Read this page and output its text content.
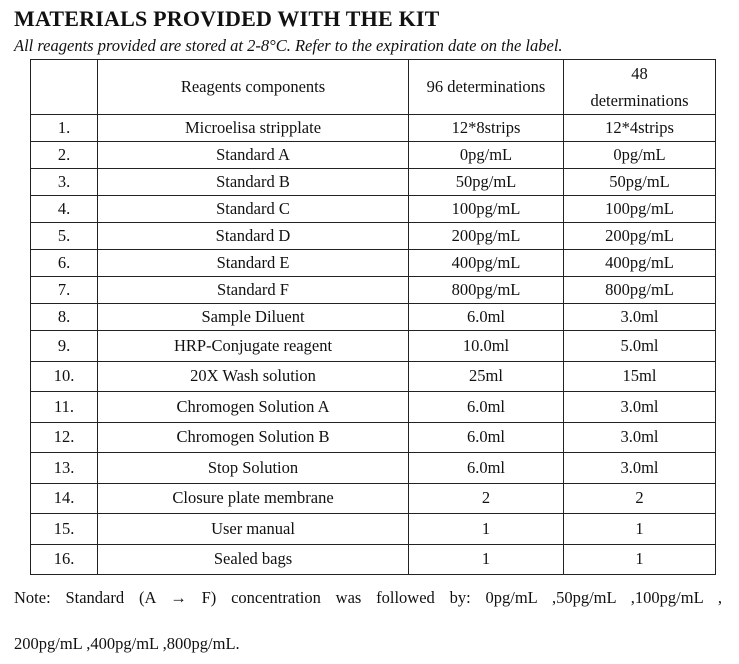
MATERIALS PROVIDED WITH THE KIT
All reagents provided are stored at 2-8°C. Refer to the expiration date on the label.
	Reagents components	96 determinations	48
determinations

1.	Microelisa stripplate	12*8strips	12*4strips
2.	Standard A	0pg/mL	0pg/mL
3.	Standard B	50pg/mL	50pg/mL
4.	Standard C	100pg/mL	100pg/mL
5.	Standard D	200pg/mL	200pg/mL
6.	Standard E	400pg/mL	400pg/mL
7.	Standard F	800pg/mL	800pg/mL
8.	Sample Diluent	6.0ml	3.0ml
9.	HRP-Conjugate reagent	10.0ml	5.0ml
10.	20X Wash solution	25ml	15ml
11.	Chromogen Solution A	6.0ml	3.0ml
12.	Chromogen Solution B	6.0ml	3.0ml
13.	Stop Solution	6.0ml	3.0ml
14.	Closure plate membrane	2	2
15.	User manual	1	1
16.	Sealed bags	1	1
Note: Standard (A → F) concentration was followed by: 0pg/mL ,50pg/mL ,100pg/mL ,
200pg/mL ,400pg/mL ,800pg/mL.
